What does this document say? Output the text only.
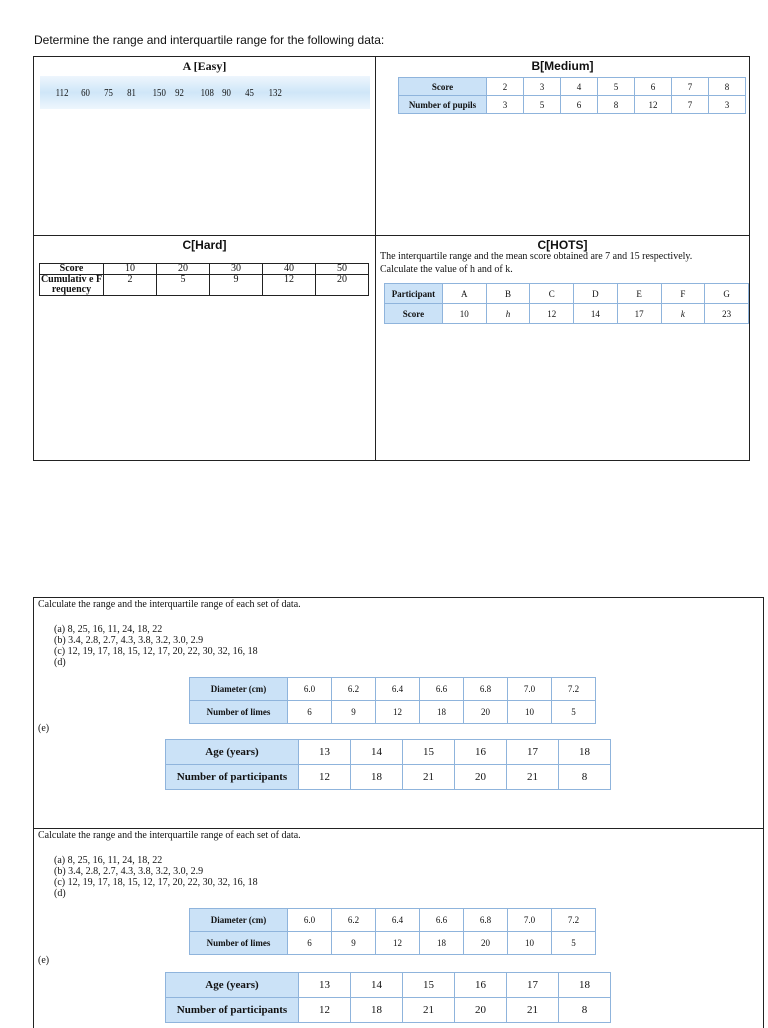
Determine the range and interquartile range for the following data:
A [Easy]
112 60 75 81 150 92 108 90 45 132
B[Medium]
Score	2	3	4	5	6	7	8
Number of pupils	3	5	6	8	12	7	3
C[Hard]
Score	10	20	30	40	50
Cumulativ e Frequency	2	5	9	12	20
C[HOTS]
The interquartile range and the mean score obtained are 7 and 15 respectively.
Calculate the value of h and of k.
Participant	A	B	C	D	E	F	G
Score	10	h	12	14	17	k	23
Calculate the range and the interquartile range of each set of data.
(a) 8, 25, 16, 11, 24, 18, 22
(b) 3.4, 2.8, 2.7, 4.3, 3.8, 3.2, 3.0, 2.9
(c) 12, 19, 17, 18, 15, 12, 17, 20, 22, 30, 32, 16, 18
(d)
Diameter (cm)	6.0	6.2	6.4	6.6	6.8	7.0	7.2
Number of limes	6	9	12	18	20	10	5
(e)
Age (years)	13	14	15	16	17	18
Number of participants	12	18	21	20	21	8
Calculate the range and the interquartile range of each set of data.
(a) 8, 25, 16, 11, 24, 18, 22
(b) 3.4, 2.8, 2.7, 4.3, 3.8, 3.2, 3.0, 2.9
(c) 12, 19, 17, 18, 15, 12, 17, 20, 22, 30, 32, 16, 18
(d)
Diameter (cm)	6.0	6.2	6.4	6.6	6.8	7.0	7.2
Number of limes	6	9	12	18	20	10	5
(e)
Age (years)	13	14	15	16	17	18
Number of participants	12	18	21	20	21	8
